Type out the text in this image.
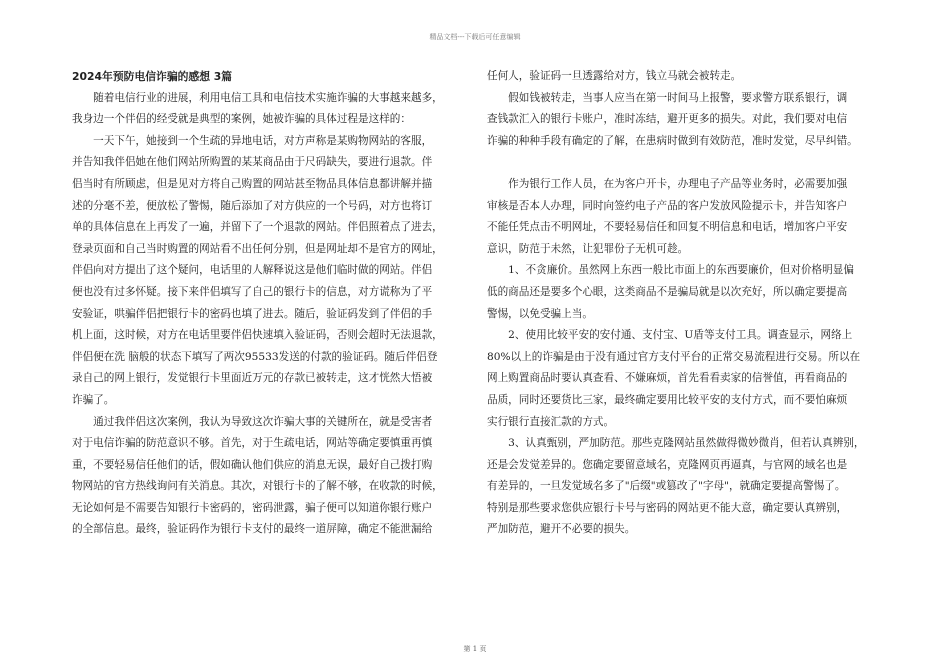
精品文档---下载后可任意编辑
2024年预防电信诈骗的感想 3篇
　　随着电信行业的进展，利用电信工具和电信技术实施诈骗的大事越来越多，
我身边一个伴侣的经受就是典型的案例，她被诈骗的具体过程是这样的：
　　一天下午，她接到一个生疏的异地电话，对方声称是某购物网站的客服，
并告知我伴侣她在他们网站所购置的某某商品由于尺码缺失，要进行退款。伴
侣当时有所顾虑，但是见对方将自己购置的网站甚至物品具体信息都讲解并描
述的分毫不差，便放松了警惕，随后添加了对方供应的一个号码，对方也将订
单的具体信息在上再发了一遍，并留下了一个退款的网站。伴侣照着点了进去，
登录页面和自己当时购置的网站看不出任何分别，但是网址却不是官方的网址，
伴侣向对方提出了这个疑问，电话里的人解释说这是他们临时做的网站。伴侣
便也没有过多怀疑。接下来伴侣填写了自己的银行卡的信息，对方谎称为了平
安验证，哄骗伴侣把银行卡的密码也填了进去。随后，验证码发到了伴侣的手
机上面，这时候，对方在电话里要伴侣快速填入验证码，否则会超时无法退款，
伴侣便在洗 脑般的状态下填写了两次95533发送的付款的验证码。随后伴侣登
录自己的网上银行，发觉银行卡里面近万元的存款已被转走，这才恍然大悟被
诈骗了。
　　通过我伴侣这次案例，我认为导致这次诈骗大事的关键所在，就是受害者
对于电信诈骗的防范意识不够。首先，对于生疏电话，网站等确定要慎重再慎
重，不要轻易信任他们的话，假如确认他们供应的消息无误，最好自己拨打购
物网站的官方热线询问有关消息。其次，对银行卡的了解不够，在收款的时候，
无论如何是不需要告知银行卡密码的，密码泄露，骗子便可以知道你银行账户
的全部信息。最终，验证码作为银行卡支付的最终一道屏障，确定不能泄漏给
任何人，验证码一旦透露给对方，钱立马就会被转走。
　　假如钱被转走，当事人应当在第一时间马上报警，要求警方联系银行，调
查钱款汇入的银行卡账户，准时冻结，避开更多的损失。对此，我们要对电信
诈骗的种种手段有确定的了解，在患病时做到有效防范，准时发觉，尽早纠错。
　　作为银行工作人员，在为客户开卡，办理电子产品等业务时，必需要加强
审核是否本人办理，同时向签约电子产品的客户发放风险提示卡，并告知客户
不能任凭点击不明网址，不要轻易信任和回复不明信息和电话，增加客户平安
意识，防范于未然，让犯罪份子无机可趁。
　　1、不贪廉价。虽然网上东西一般比市面上的东西要廉价，但对价格明显偏
低的商品还是要多个心眼，这类商品不是骗局就是以次充好，所以确定要提高
警惕，以免受骗上当。
　　2、使用比较平安的安付通、支付宝、U盾等支付工具。调查显示，网络上
80%以上的诈骗是由于没有通过官方支付平台的正常交易流程进行交易。所以在
网上购置商品时要认真查看、不嫌麻烦，首先看看卖家的信誉值，再看商品的
品质，同时还要货比三家，最终确定要用比较平安的支付方式，而不要怕麻烦
实行银行直接汇款的方式。
　　3、认真甄别，严加防范。那些克隆网站虽然做得微妙微肖，但若认真辨别，
还是会发觉差异的。您确定要留意域名，克隆网页再逼真，与官网的域名也是
有差异的，一旦发觉域名多了"后缀"或篡改了"字母"，就确定要提高警惕了。
特别是那些要求您供应银行卡号与密码的网站更不能大意，确定要认真辨别，
严加防范，避开不必要的损失。
第 1 页
